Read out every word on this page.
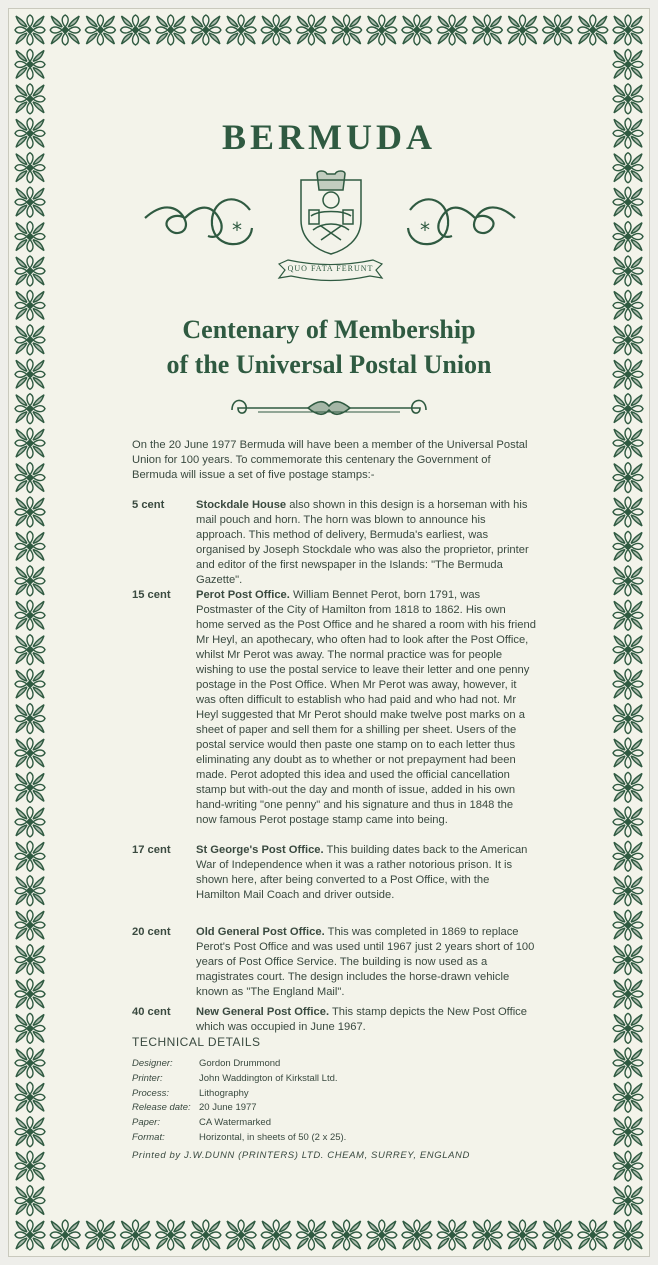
BERMUDA
*	*
QUO FATA FERUNT
Centenary of Membership
of the Universal Postal Union

On the 20 June 1977 Bermuda will have been a member of the Universal Postal Union for 100 years. To commemorate this centenary the Government of Bermuda will issue a set of five postage stamps:-

5 cent	Stockdale House also shown in this design is a horseman with his mail pouch and horn. The horn was blown to announce his approach. This method of delivery, Bermuda's earliest, was organised by Joseph Stockdale who was also the proprietor, printer and editor of the first newspaper in the Islands: "The Bermuda Gazette".
15 cent	Perot Post Office. William Bennet Perot, born 1791, was Postmaster of the City of Hamilton from 1818 to 1862. His own home served as the Post Office and he shared a room with his friend Mr Heyl, an apothecary, who often had to look after the Post Office, whilst Mr Perot was away. The normal practice was for people wishing to use the postal service to leave their letter and one penny postage in the Post Office. When Mr Perot was away, however, it was often difficult to establish who had paid and who had not. Mr Heyl suggested that Mr Perot should make twelve post marks on a sheet of paper and sell them for a shilling per sheet. Users of the postal service would then paste one stamp on to each letter thus eliminating any doubt as to whether or not prepayment had been made. Perot adopted this idea and used the official cancellation stamp but with-out the day and month of issue, added in his own hand-writing "one penny" and his signature and thus in 1848 the now famous Perot postage stamp came into being.
17 cent	St George's Post Office. This building dates back to the American War of Independence when it was a rather notorious prison. It is shown here, after being converted to a Post Office, with the Hamilton Mail Coach and driver outside.
20 cent	Old General Post Office. This was completed in 1869 to replace Perot's Post Office and was used until 1967 just 2 years short of 100 years of Post Office Service. The building is now used as a magistrates court. The design includes the horse-drawn vehicle known as "The England Mail".
40 cent	New General Post Office. This stamp depicts the New Post Office which was occupied in June 1967.

TECHNICAL DETAILS

Designer:	Gordon Drummond
Printer:	John Waddington of Kirkstall Ltd.
Process:	Lithography
Release date: 20 June 1977
Paper:	CA Watermarked
Format:	Horizontal, in sheets of 50 (2 x 25).

Printed by J.W.DUNN (PRINTERS) LTD. CHEAM, SURREY, ENGLAND
